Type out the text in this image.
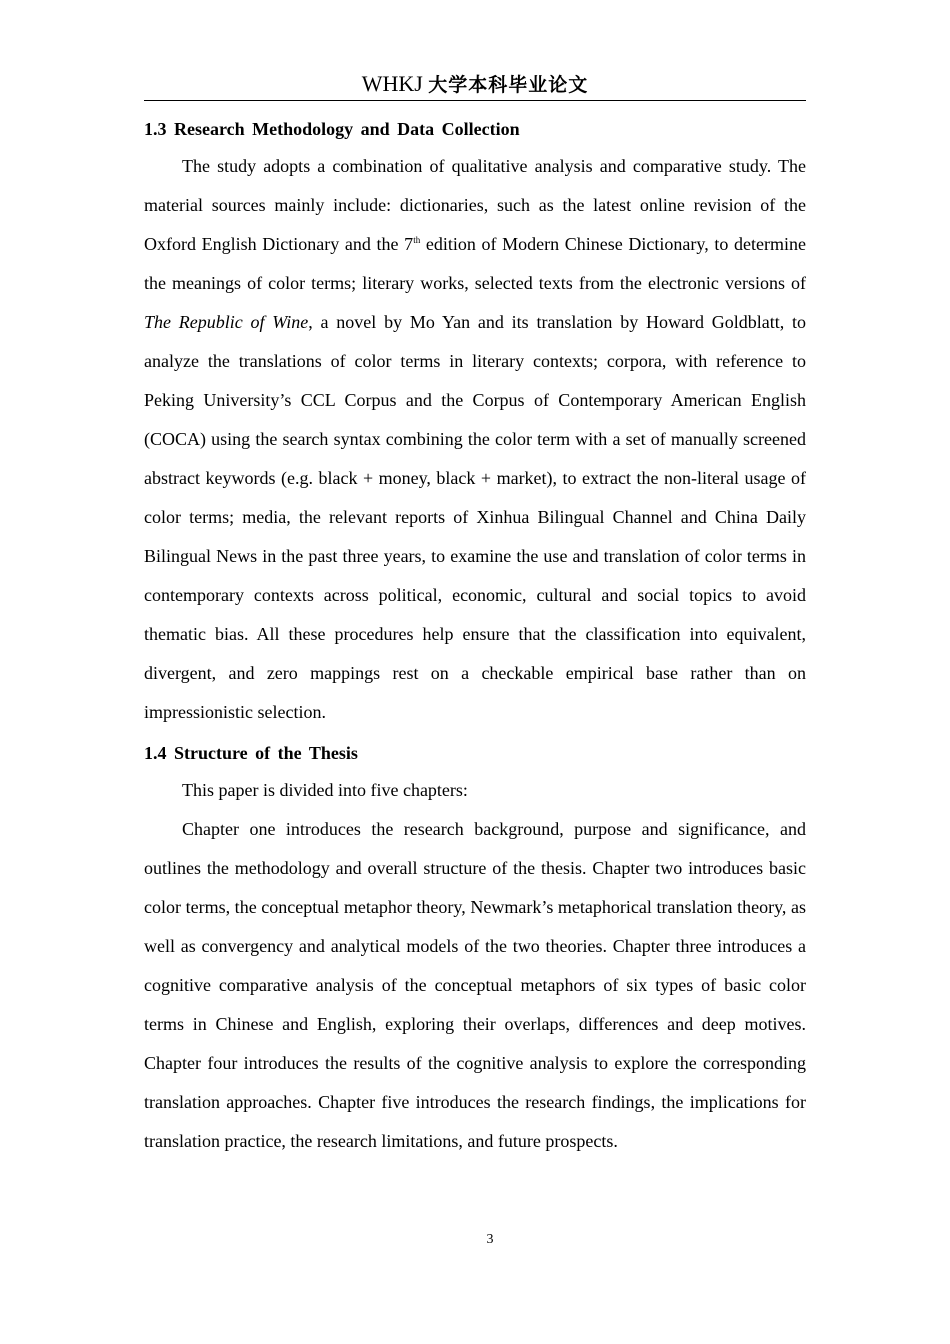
WHKJ 大学本科毕业论文
1.3 Research Methodology and Data Collection

The study adopts a combination of qualitative analysis and comparative study. The material sources mainly include: dictionaries, such as the latest online revision of the Oxford English Dictionary and the 7th edition of Modern Chinese Dictionary, to determine the meanings of color terms; literary works, selected texts from the electronic versions of The Republic of Wine, a novel by Mo Yan and its translation by Howard Goldblatt, to analyze the translations of color terms in literary contexts; corpora, with reference to Peking University’s CCL Corpus and the Corpus of Contemporary American English (COCA) using the search syntax combining the color term with a set of manually screened abstract keywords (e.g. black + money, black + market), to extract the non-literal usage of color terms; media, the relevant reports of Xinhua Bilingual Channel and China Daily Bilingual News in the past three years, to examine the use and translation of color terms in contemporary contexts across political, economic, cultural and social topics to avoid thematic bias. All these procedures help ensure that the classification into equivalent, divergent, and zero mappings rest on a checkable empirical base rather than on impressionistic selection.

1.4 Structure of the Thesis

This paper is divided into five chapters:

Chapter one introduces the research background, purpose and significance, and outlines the methodology and overall structure of the thesis. Chapter two introduces basic color terms, the conceptual metaphor theory, Newmark’s metaphorical translation theory, as well as convergency and analytical models of the two theories. Chapter three introduces a cognitive comparative analysis of the conceptual metaphors of six types of basic color terms in Chinese and English, exploring their overlaps, differences and deep motives. Chapter four introduces the results of the cognitive analysis to explore the corresponding translation approaches. Chapter five introduces the research findings, the implications for translation practice, the research limitations, and future prospects.

3
